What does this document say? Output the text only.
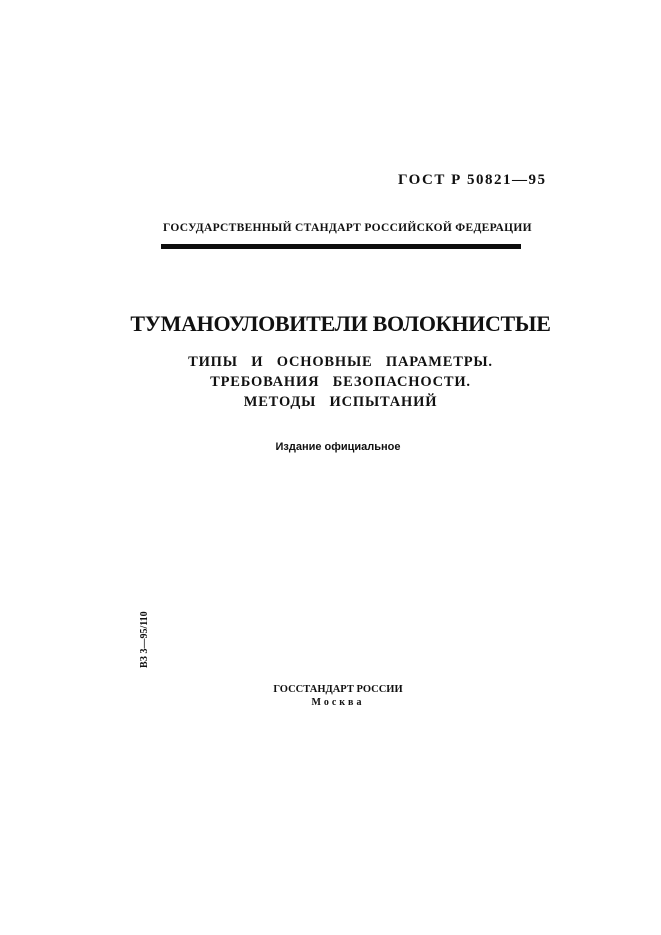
ГОСТ Р 50821—95
ГОСУДАРСТВЕННЫЙ СТАНДАРТ РОССИЙСКОЙ ФЕДЕРАЦИИ
ТУМАНОУЛОВИТЕЛИ ВОЛОКНИСТЫЕ
ТИПЫ И ОСНОВНЫЕ ПАРАМЕТРЫ.
ТРЕБОВАНИЯ БЕЗОПАСНОСТИ.
МЕТОДЫ ИСПЫТАНИЙ
Издание официальное
ВЗ 3—95/110
ГОССТАНДАРТ РОССИИ
Москва
